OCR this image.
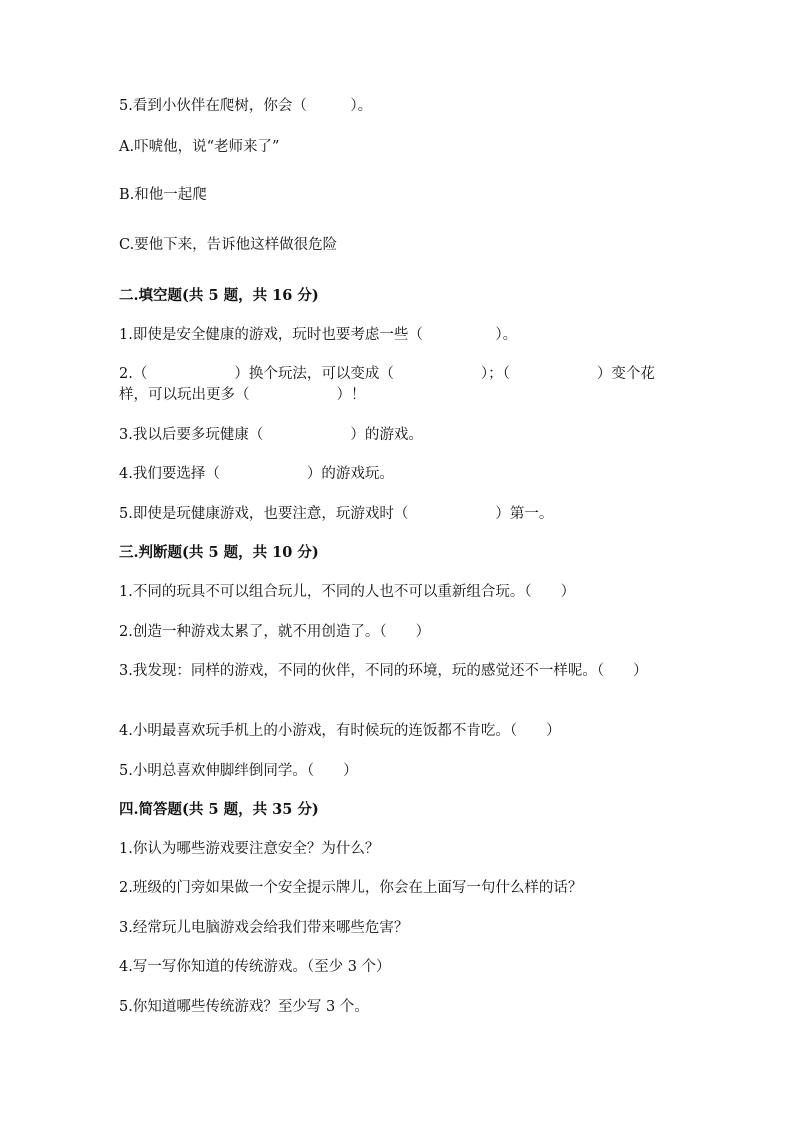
5.看到小伙伴在爬树，你会（　　　）。
A.吓唬他，说“老师来了”
B.和他一起爬
C.要他下来，告诉他这样做很危险
二.填空题(共 5 题，共 16 分)
1.即使是安全健康的游戏，玩时也要考虑一些（　　　　　）。
2.（　　　　　　）换个玩法，可以变成（　　　　　　）；（　　　　　　）变个花样，可以玩出更多（　　　　　　）！
3.我以后要多玩健康（　　　　　　）的游戏。
4.我们要选择（　　　　　　）的游戏玩。
5.即使是玩健康游戏，也要注意，玩游戏时（　　　　　　）第一。
三.判断题(共 5 题，共 10 分)
1.不同的玩具不可以组合玩儿，不同的人也不可以重新组合玩。（　　）
2.创造一种游戏太累了，就不用创造了。（　　）
3.我发现：同样的游戏，不同的伙伴，不同的环境，玩的感觉还不一样呢。（　　）
4.小明最喜欢玩手机上的小游戏，有时候玩的连饭都不肯吃。（　　）
5.小明总喜欢伸脚绊倒同学。（　　）
四.简答题(共 5 题，共 35 分)
1.你认为哪些游戏要注意安全？为什么？
2.班级的门旁如果做一个安全提示牌儿，你会在上面写一句什么样的话？
3.经常玩儿电脑游戏会给我们带来哪些危害？
4.写一写你知道的传统游戏。（至少 3 个）
5.你知道哪些传统游戏？至少写 3 个。
